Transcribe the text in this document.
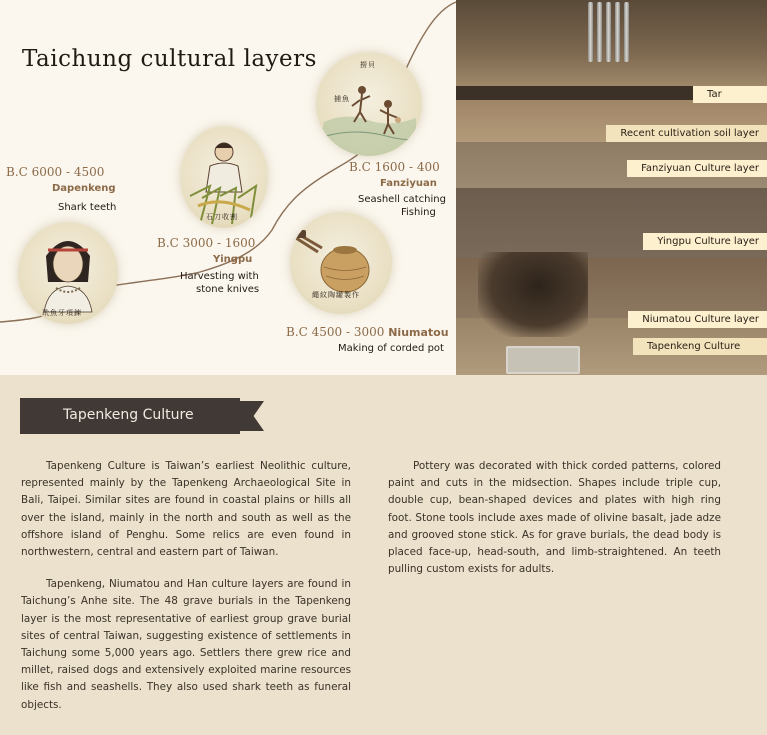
Taichung cultural layers	撈貝
捕魚
石刀收割
繩紋陶罐製作
玳魚牙項鍊
B.C 6000 - 4500
Dapenkeng
Shark teeth
B.C 3000 - 1600
Yingpu
Harvesting with
stone knives
B.C 1600 - 400
Fanziyuan
Seashell catching
Fishing
B.C 4500 - 3000 Niumatou
Making of corded pot
Tar
Recent cultivation soil layer
Fanziyuan Culture layer
Yingpu Culture layer
Niumatou Culture layer
Tapenkeng Culture
Tapenkeng Culture

Tapenkeng Culture is Taiwan’s earliest Neolithic culture, represented mainly by the Tapenkeng Archaeological Site in Bali, Taipei. Similar sites are found in coastal plains or hills all over the island, mainly in the north and south as well as the offshore island of Penghu. Some relics are even found in northwestern, central and eastern part of Taiwan.

Tapenkeng, Niumatou and Han culture layers are found in Taichung’s Anhe site. The 48 grave burials in the Tapenkeng layer is the most representative of earliest group grave burial sites of central Taiwan, suggesting existence of settlements in Taichung some 5,000 years ago. Settlers there grew rice and millet, raised dogs and extensively exploited marine resources like fish and seashells. They also used shark teeth as funeral objects.

Pottery was decorated with thick corded patterns, colored paint and cuts in the midsection. Shapes include triple cup, double cup, bean-shaped devices and plates with high ring foot. Stone tools include axes made of olivine basalt, jade adze and grooved stone stick. As for grave burials, the dead body is placed face-up, head-south, and limb-straightened. An teeth pulling custom exists for adults.
